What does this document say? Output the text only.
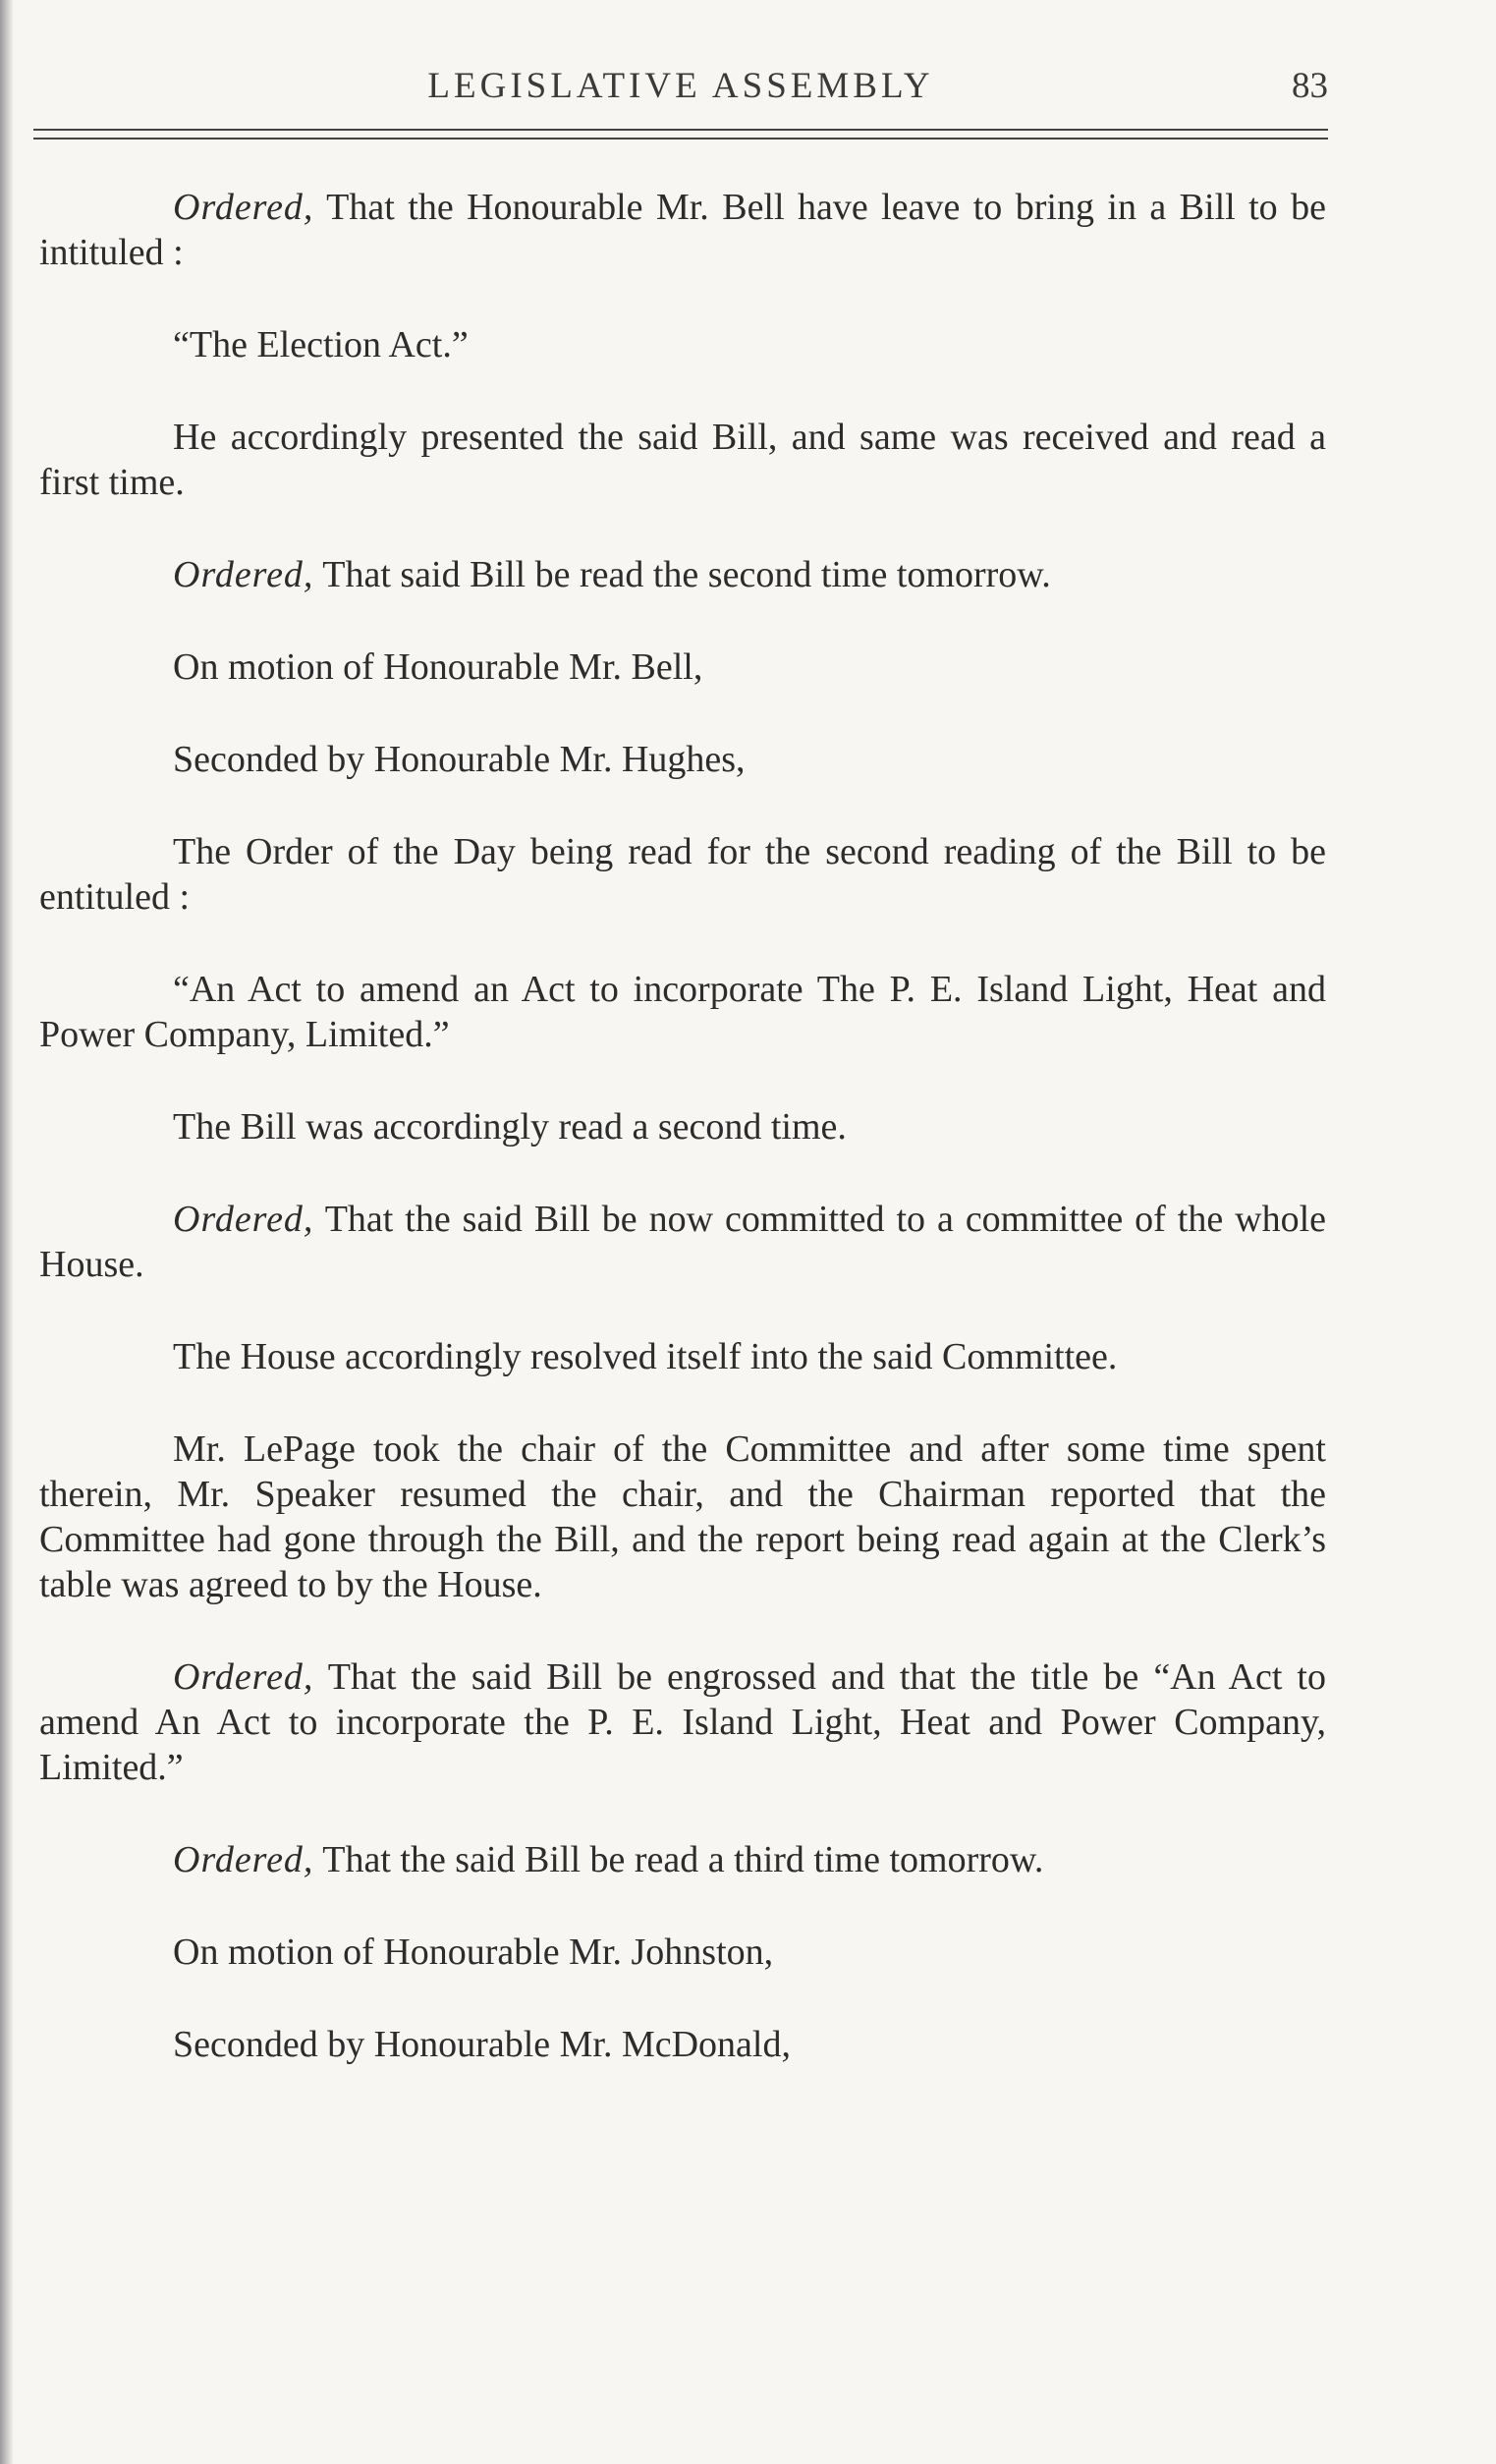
LEGISLATIVE ASSEMBLY	83

Ordered, That the Honourable Mr. Bell have leave to bring in a Bill to be intituled :

“The Election Act.”

He accordingly presented the said Bill, and same was received and read a first time.

Ordered, That said Bill be read the second time tomorrow.

On motion of Honourable Mr. Bell,

Seconded by Honourable Mr. Hughes,

The Order of the Day being read for the second reading of the Bill to be entituled :

“An Act to amend an Act to incorporate The P. E. Island Light, Heat and Power Company, Limited.”

The Bill was accordingly read a second time.

Ordered, That the said Bill be now committed to a committee of the whole House.

The House accordingly resolved itself into the said Committee.

Mr. LePage took the chair of the Committee and after some time spent therein, Mr. Speaker resumed the chair, and the Chairman reported that the Committee had gone through the Bill, and the report being read again at the Clerk’s table was agreed to by the House.

Ordered, That the said Bill be engrossed and that the title be “An Act to amend An Act to incorporate the P. E. Island Light, Heat and Power Company, Limited.”

Ordered, That the said Bill be read a third time tomorrow.

On motion of Honourable Mr. Johnston,

Seconded by Honourable Mr. McDonald,
